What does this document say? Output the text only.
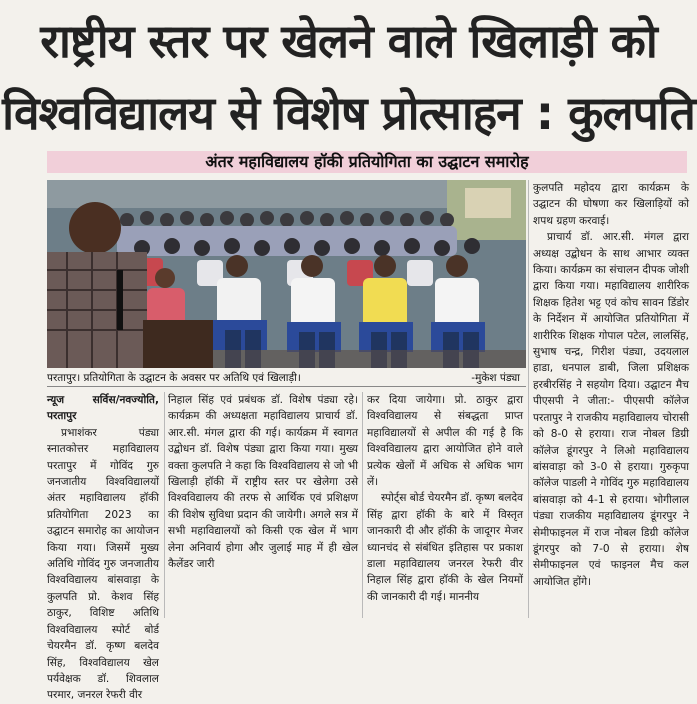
राष्ट्रीय स्तर पर खेलने वाले खिलाड़ी को
विश्वविद्यालय से विशेष प्रोत्साहन : कुलपति
अंतर महाविद्यालय हॉकी प्रतियोगिता का उद्घाटन समारोह
परतापुर। प्रतियोगिता के उद्घाटन के अवसर पर अतिथि एवं खिलाड़ी।	-मुकेश पंड्या

न्यूज सर्विस/नवज्योति, परतापुर

प्रभाशंकर पंड्या स्नातकोत्तर महाविद्यालय परतापुर में गोविंद गुरु जनजातीय विश्वविद्यालयों अंतर महाविद्यालय हॉकी प्रतियोगिता 2023 का उद्घाटन समारोह का आयोजन किया गया। जिसमें मुख्य अतिथि गोविंद गुरु जनजातीय विश्वविद्यालय बांसवाड़ा के कुलपति प्रो. केशव सिंह ठाकुर, विशिष्ट अतिथि विश्वविद्यालय स्पोर्ट बोर्ड चेयरमैन डॉ. कृष्ण बलदेव सिंह, विश्वविद्यालय खेल पर्यवेक्षक डॉ. शिवलाल परमार, जनरल रेफरी वीर

निहाल सिंह एवं प्रबंधक डॉ. विशेष पंड्या रहे। कार्यक्रम की अध्यक्षता महाविद्यालय प्राचार्य डॉ. आर.सी. मंगल द्वारा की गई। कार्यक्रम में स्वागत उद्बोधन डॉ. विशेष पंड्या द्वारा किया गया। मुख्य वक्ता कुलपति ने कहा कि विश्वविद्यालय से जो भी खिलाड़ी हॉकी में राष्ट्रीय स्तर पर खेलेगा उसे विश्वविद्यालय की तरफ से आर्थिक एवं प्रशिक्षण की विशेष सुविधा प्रदान की जायेगी। अगले सत्र में सभी महाविद्यालयों को किसी एक खेल में भाग लेना अनिवार्य होगा और जुलाई माह में ही खेल कैलेंडर जारी

कर दिया जायेगा। प्रो. ठाकुर द्वारा विश्वविद्यालय से संबद्धता प्राप्त महाविद्यालयों से अपील की गई है कि विश्वविद्यालय द्वारा आयोजित होने वाले प्रत्येक खेलों में अधिक से अधिक भाग लें।

स्पोर्ट्स बोर्ड चेयरमैन डॉ. कृष्ण बलदेव सिंह द्वारा हॉकी के बारे में विस्तृत जानकारी दी और हॉकी के जादूगर मेजर ध्यानचंद से संबंधित इतिहास पर प्रकाश डाला महाविद्यालय जनरल रेफरी वीर निहाल सिंह द्वारा हॉकी के खेल नियमों की जानकारी दी गई। माननीय

कुलपति महोदय द्वारा कार्यक्रम के उद्घाटन की घोषणा कर खिलाड़ियों को शपथ ग्रहण करवाई।

प्राचार्य डॉ. आर.सी. मंगल द्वारा अध्यक्ष उद्बोधन के साथ आभार व्यक्त किया। कार्यक्रम का संचालन दीपक जोशी द्वारा किया गया। महाविद्यालय शारीरिक शिक्षक हितेश भट्ट एवं कोच सावन डिंडोर के निर्देशन में आयोजित प्रतियोगिता में शारीरिक शिक्षक गोपाल पटेल, लालसिंह, सुभाष चन्द्र, गिरीश पंड्या, उदयलाल हाडा, धनपाल डाबी, जिला प्रशिक्षक हरबीरसिंह ने सहयोग दिया। उद्घाटन मैच पीएसपी ने जीता:- पीएसपी कॉलेज परतापुर ने राजकीय महाविद्यालय चोरासी को 8-0 से हराया। राज नोबल डिग्री कॉलेज डूंगरपुर ने लिओ महाविद्यालय बांसवाड़ा को 3-0 से हराया। गुरुकृपा कॉलेज पाडली ने गोविंद गुरु महाविद्यालय बांसवाड़ा को 4-1 से हराया। भोगीलाल पंड्या राजकीय महाविद्यालय डूंगरपुर ने सेमीफाइनल में राज नोबल डिग्री कॉलेज डूंगरपुर को 7-0 से हराया। शेष सेमीफाइनल एवं फाइनल मैच कल आयोजित होंगे।
